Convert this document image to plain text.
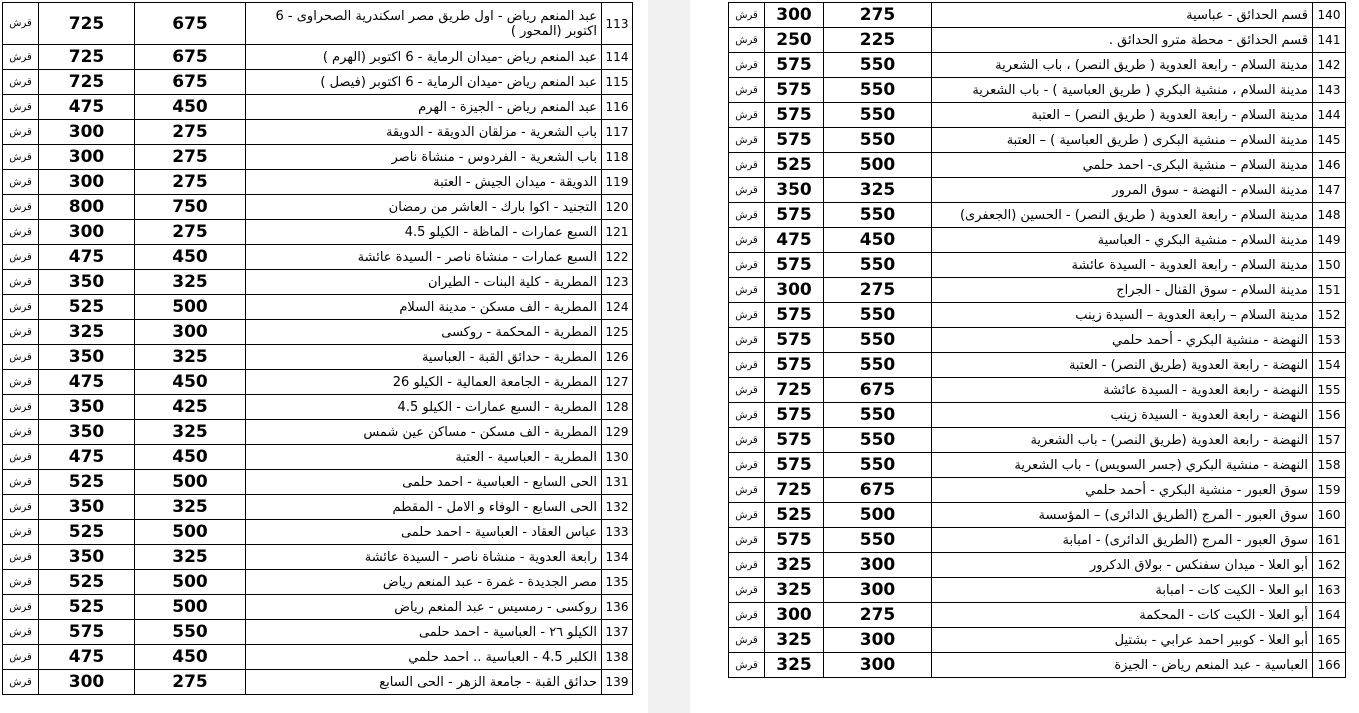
قرش	725	675	عبد المنعم رياض - اول طريق مصر اسكندرية الصحراوى - 6 اكتوبر (المحور )	113
قرش	725	675	عبد المنعم رياض -ميدان الرماية - 6 اكتوبر (الهرم )	114
قرش	725	675	عبد المنعم رياض -ميدان الرماية - 6 اكتوبر (فيصل )	115
قرش	475	450	عبد المنعم رياض - الجيزة - الهرم	116
قرش	300	275	باب الشعرية - مزلقان الدويقة - الدويقة	117
قرش	300	275	باب الشعرية - الفردوس - منشاة ناصر	118
قرش	300	275	الدويقة - ميدان الجيش - العتبة	119
قرش	800	750	التجنيد - اكوا بارك - العاشر من رمضان	120
قرش	300	275	السبع عمارات - الماظة - الكيلو 4.5	121
قرش	475	450	السبع عمارات - منشاة ناصر - السيدة عائشة	122
قرش	350	325	المطرية - كلية البنات - الطيران	123
قرش	525	500	المطرية - الف مسكن - مدينة السلام	124
قرش	325	300	المطرية - المحكمة - روكسى	125
قرش	350	325	المطرية - حدائق القبة - العباسية	126
قرش	475	450	المطرية - الجامعة العمالية - الكيلو 26	127
قرش	350	425	المطرية - السبع عمارات - الكيلو 4.5	128
قرش	350	325	المطرية - الف مسكن - مساكن عين شمس	129
قرش	475	450	المطرية - العباسية - العتبة	130
قرش	525	500	الحى السابع - العباسية - احمد حلمى	131
قرش	350	325	الحى السابع - الوفاء و الامل - المقطم	132
قرش	525	500	عباس العقاد - العباسية - احمد حلمى	133
قرش	350	325	رابعة العدوية - منشاة ناصر - السيدة عائشة	134
قرش	525	500	مصر الجديدة - غمرة - عبد المنعم رياض	135
قرش	525	500	روكسى - رمسيس - عبد المنعم رياض	136
قرش	575	550	الكيلو ٢٦ - العباسية - احمد حلمى	137
قرش	475	450	الكلبر 4.5 - العباسية .. احمد حلمي	138
قرش	300	275	حدائق القبة - جامعة الزهر - الحى السابع	139
قرش	300	275	قسم الحدائق - عباسية	140
قرش	250	225	قسم الحدائق - محطة مترو الحدائق .	141
قرش	575	550	مدينة السلام - رابعة العدوية ( طريق النصر) ، باب الشعرية	142
قرش	575	550	مدينة السلام ، منشية البكري ( طريق العباسية ) - باب الشعرية	143
قرش	575	550	مدينة السلام - رابعة العدوية ( طريق النصر) – العتبة	144
قرش	575	550	مدينة السلام – منشية البكرى ( طريق العباسية ) – العتبة	145
قرش	525	500	مدينة السلام – منشية البكرى- احمد حلمي	146
قرش	350	325	مدينة السلام - النهضة - سوق المرور	147
قرش	575	550	مدينة السلام - رابعة العدوية ( طريق النصر) - الحسين (الجعفرى)	148
قرش	475	450	مدينة السلام - منشية البكري - العباسية	149
قرش	575	550	مدينة السلام - رابعة العدوية - السيدة عائشة	150
قرش	300	275	مدينة السلام - سوق القنال - الجراج	151
قرش	575	550	مدينة السلام – رابعة العدوية – السيدة زينب	152
قرش	575	550	النهضة - منشية البكري - أحمد حلمي	153
قرش	575	550	النهضة - رابعة العدوية (طريق النصر) - العتبة	154
قرش	725	675	النهضة - رابعة العدوية - السيدة عائشة	155
قرش	575	550	النهضة - رابعة العدوية - السيدة زينب	156
قرش	575	550	النهضة - رابعة العدوية (طريق النصر) - باب الشعرية	157
قرش	575	550	النهضة - منشية البكري (جسر السويس) - باب الشعرية	158
قرش	725	675	سوق العبور - منشية البكري - أحمد حلمي	159
قرش	525	500	سوق العبور - المرج (الطريق الدائرى) – المؤسسة	160
قرش	575	550	سوق العبور - المرج (الطريق الدائرى) - امبابة	161
قرش	325	300	أبو العلا - ميدان سفنكس - بولاق الدكرور	162
قرش	325	300	ابو العلا - الكيت كات - امبابة	163
قرش	300	275	أبو العلا - الكيت كات - المحكمة	164
قرش	325	300	أبو العلا - كوبير احمد عرابي - بشتيل	165
قرش	325	300	العباسية - عبد المنعم رياض - الجيزة	166
